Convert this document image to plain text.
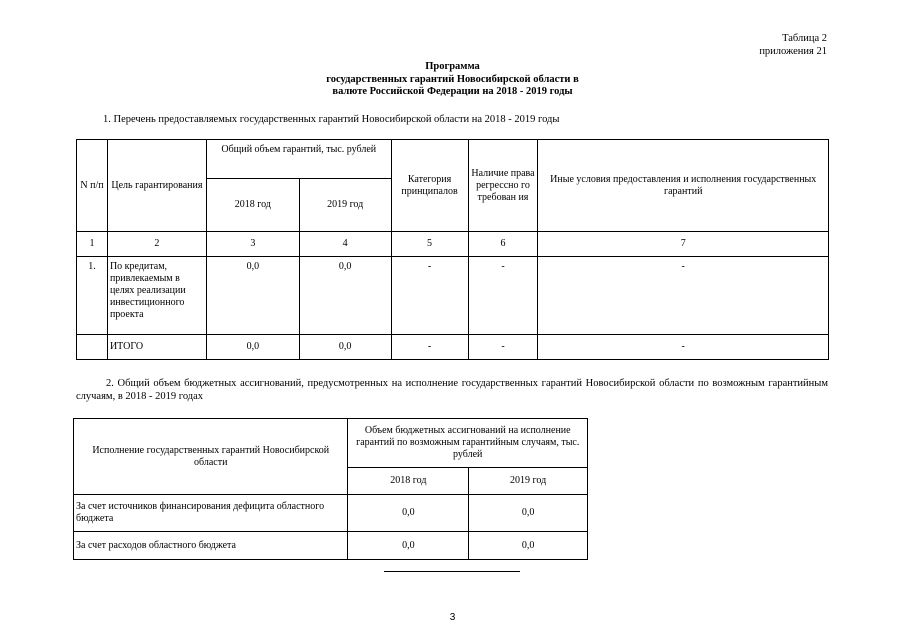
Таблица 2
приложения 21
Программа
государственных гарантий Новосибирской области в
валюте Российской Федерации на 2018 - 2019 годы
1. Перечень предоставляемых государственных гарантий Новосибирской области на 2018 - 2019 годы
N п/п	Цель гарантирования	Общий объем гарантий, тыс. рублей		Категория принципалов	Наличие права регрессно го требован ия	Иные условия предоставления и исполнения государственных гарантий
		2018 год	2019 год			
1	2	3	4	5	6	7
1.	По кредитам, привлекаемым в целях реализации инвестиционного проекта	0,0	0,0	-	-	-
	ИТОГО	0,0	0,0	-	-	-
2. Общий объем бюджетных ассигнований, предусмотренных на исполнение государственных гарантий Новосибирской области по возможным гарантийным случаям, в 2018 - 2019 годах
Исполнение государственных гарантий Новосибирской области	Объем бюджетных ассигнований на исполнение гарантий по возможным гарантийным случаям, тыс. рублей	
	2018 год	2019 год
За счет источников финансирования дефицита областного бюджета	0,0	0,0
За счет расходов областного бюджета	0,0	0,0
3
